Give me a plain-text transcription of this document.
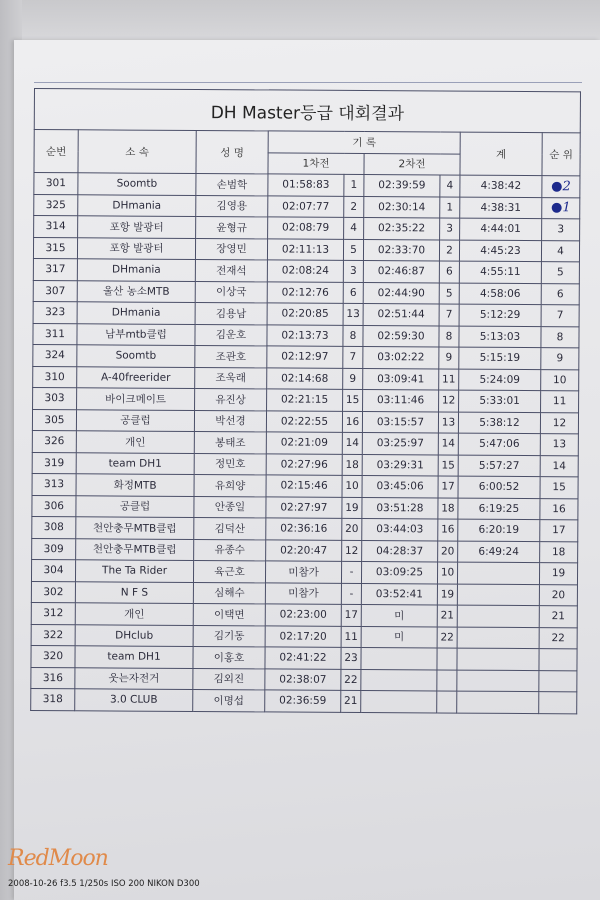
DH Master등급 대회결과								
순번	소 속	성 명	기 록				계	순 위
			1차전		2차전			
301	Soomtb	손범학	01:58:83	1	02:39:59	4	4:38:42	●2
325	DHmania	김영용	02:07:77	2	02:30:14	1	4:38:31	●1
314	포항 발광터	윤형규	02:08:79	4	02:35:22	3	4:44:01	3
315	포항 발광터	장영민	02:11:13	5	02:33:70	2	4:45:23	4
317	DHmania	전재석	02:08:24	3	02:46:87	6	4:55:11	5
307	울산 농소MTB	이상국	02:12:76	6	02:44:90	5	4:58:06	6
323	DHmania	김용남	02:20:85	13	02:51:44	7	5:12:29	7
311	남부mtb클럽	김운호	02:13:73	8	02:59:30	8	5:13:03	8
324	Soomtb	조관호	02:12:97	7	03:02:22	9	5:15:19	9
310	A-40freerider	조욱래	02:14:68	9	03:09:41	11	5:24:09	10
303	바이크메이트	유진상	02:21:15	15	03:11:46	12	5:33:01	11
305	공클럽	박선경	02:22:55	16	03:15:57	13	5:38:12	12
326	개인	봉태조	02:21:09	14	03:25:97	14	5:47:06	13
319	team DH1	정민호	02:27:96	18	03:29:31	15	5:57:27	14
313	화정MTB	유희양	02:15:46	10	03:45:06	17	6:00:52	15
306	공클럽	안종일	02:27:97	19	03:51:28	18	6:19:25	16
308	천안충무MTB클럽	김덕산	02:36:16	20	03:44:03	16	6:20:19	17
309	천안충무MTB클럽	유종수	02:20:47	12	04:28:37	20	6:49:24	18
304	The Ta Rider	육근호	미참가	-	03:09:25	10		19
302	N F S	심해수	미참가	-	03:52:41	19		20
312	개인	이택면	02:23:00	17	미	21		21
322	DHclub	김기동	02:17:20	11	미	22		22
320	team DH1	이홍호	02:41:22	23				
316	웃는자전거	김외진	02:38:07	22				
318	3.0 CLUB	이명섭	02:36:59	21				
RedMoon
2008-10-26 f3.5 1/250s ISO 200 NIKON D300
